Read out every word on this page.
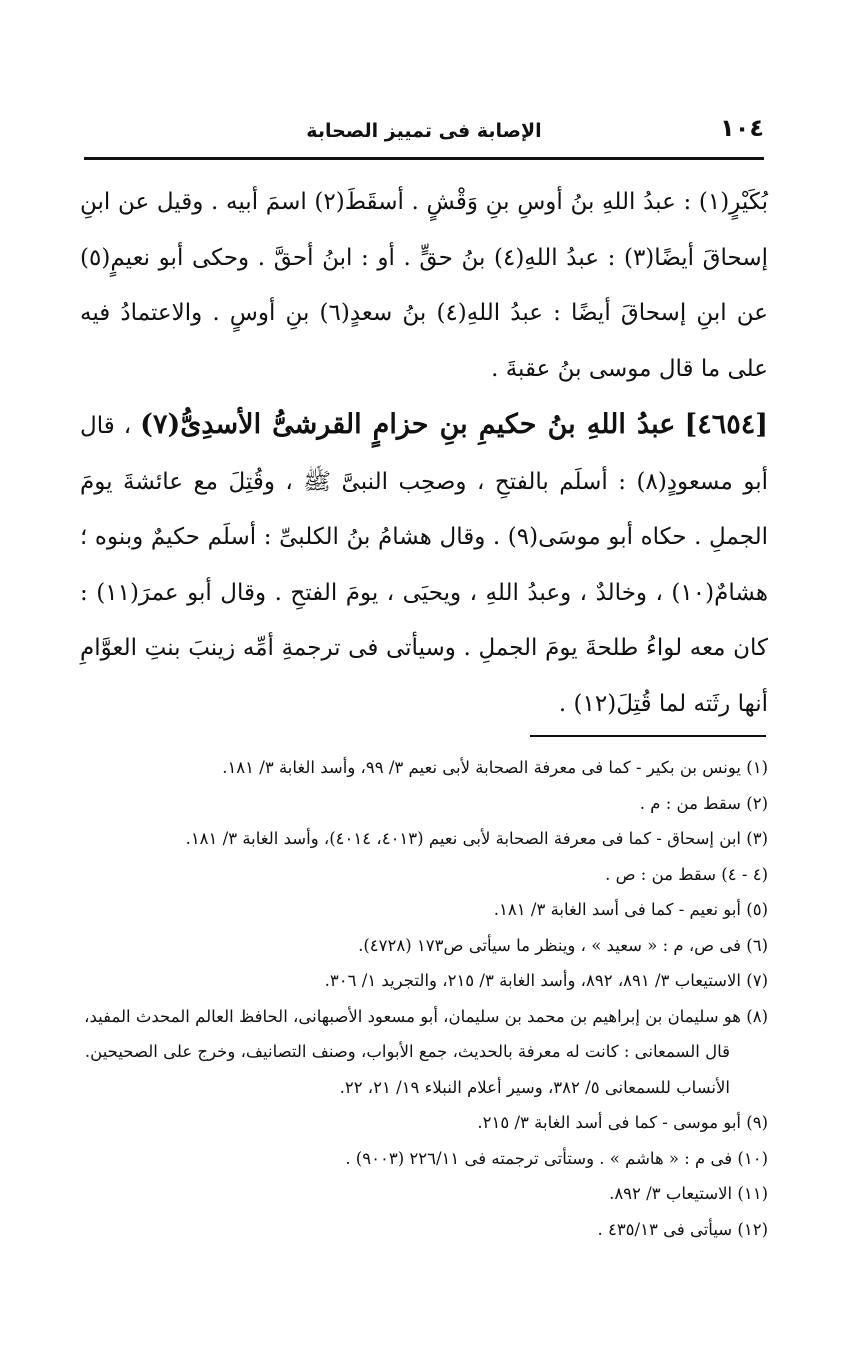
١٠٤
الإصابة فى تمييز الصحابة

بُكَيْرٍ(١) : عبدُ اللهِ بنُ أوسِ بنِ وَقْشٍ . أسقَطَ(٢) اسمَ أبيه . وقيل عن ابنِ إسحاقَ أيضًا(٣) : عبدُ اللهِ(٤) بنُ حقٍّ . أو : ابنُ أحقَّ . وحكى أبو نعيمٍ(٥) عن ابنِ إسحاقَ أيضًا : عبدُ اللهِ(٤) بنُ سعدٍ(٦) بنِ أوسٍ . والاعتمادُ فيه على ما قال موسى بنُ عقبةَ .

[٤٦٥٤] عبدُ اللهِ بنُ حكيمِ بنِ حزامٍ القرشىُّ الأسدِىُّ(٧) ، قال أبو مسعودٍ(٨) : أسلَم بالفتحِ ، وصحِب النبىَّ ﷺ ، وقُتِلَ مع عائشةَ يومَ الجملِ . حكاه أبو موسَى(٩) . وقال هشامُ بنُ الكلبىِّ : أسلَم حكيمٌ وبنوه ؛ هشامٌ(١٠) ، وخالدٌ ، وعبدُ اللهِ ، ويحيَى ، يومَ الفتحِ . وقال أبو عمرَ(١١) : كان معه لواءُ طلحةَ يومَ الجملِ . وسيأتى فى ترجمةِ أمِّه زينبَ بنتِ العوَّامِ أنها رثَته لما قُتِلَ(١٢) .

(١) يونس بن بكير - كما فى معرفة الصحابة لأبى نعيم ٣/ ٩٩، وأسد الغابة ٣/ ١٨١.

(٢) سقط من : م .

(٣) ابن إسحاق - كما فى معرفة الصحابة لأبى نعيم (٤٠١٣، ٤٠١٤)، وأسد الغابة ٣/ ١٨١.

(٤ - ٤) سقط من : ص .

(٥) أبو نعيم - كما فى أسد الغابة ٣/ ١٨١.

(٦) فى ص، م : « سعيد » ، وينظر ما سيأتى ص١٧٣ (٤٧٢٨).

(٧) الاستيعاب ٣/ ٨٩١، ٨٩٢، وأسد الغابة ٣/ ٢١٥، والتجريد ١/ ٣٠٦.

(٨) هو سليمان بن إبراهيم بن محمد بن سليمان، أبو مسعود الأصبهانى، الحافظ العالم المحدث المفيد، قال السمعانى : كانت له معرفة بالحديث، جمع الأبواب، وصنف التصانيف، وخرج على الصحيحين. الأنساب للسمعانى ٥/ ٣٨٢، وسير أعلام النبلاء ١٩/ ٢١، ٢٢.

(٩) أبو موسى - كما فى أسد الغابة ٣/ ٢١٥.

(١٠) فى م : « هاشم » . وستأتى ترجمته فى ٢٢٦/١١ (٩٠٠٣) .

(١١) الاستيعاب ٣/ ٨٩٢.

(١٢) سيأتى فى ٤٣٥/١٣ .
